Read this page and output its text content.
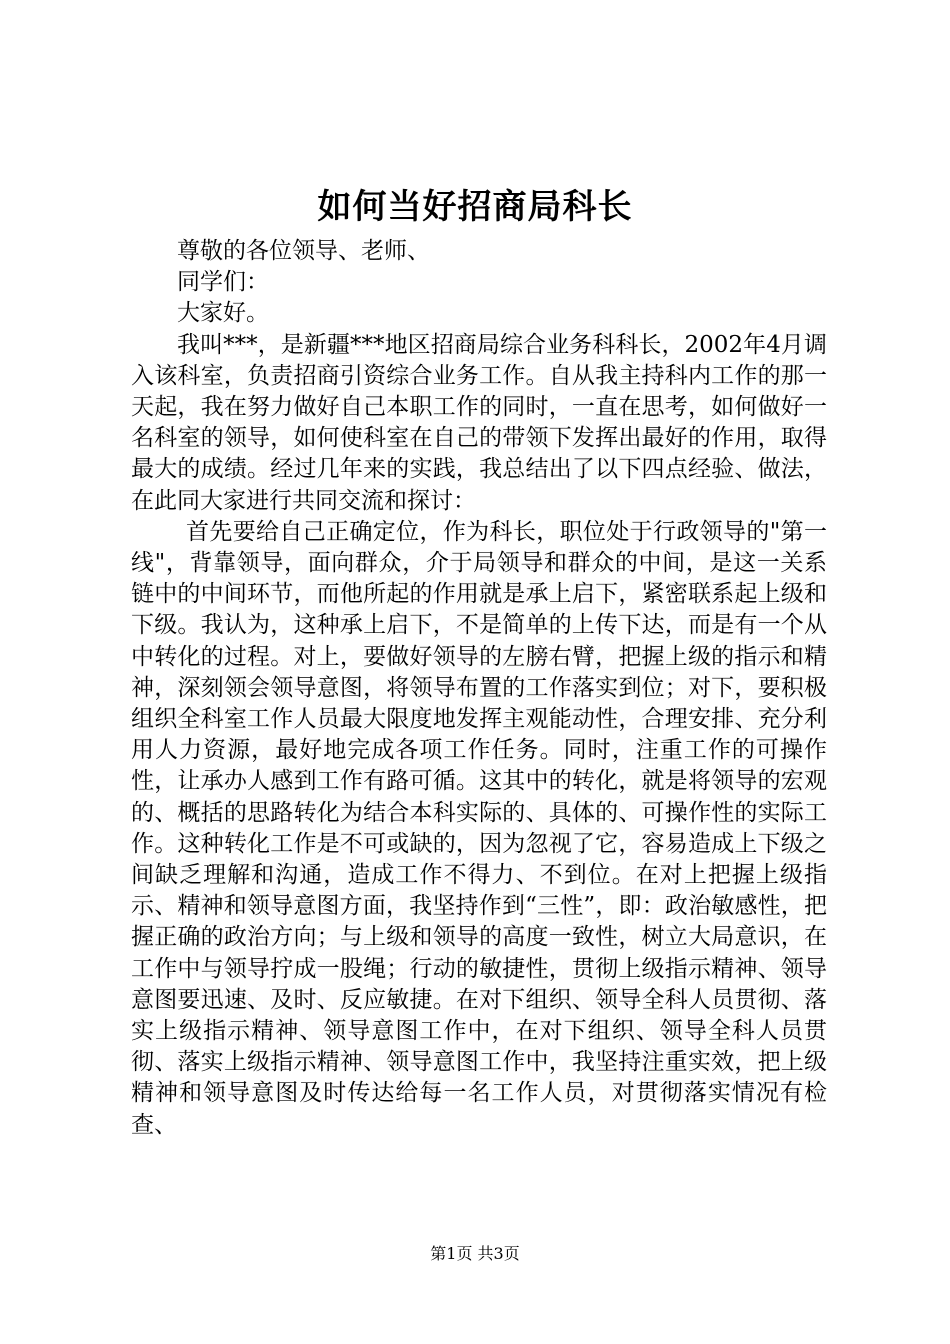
如何当好招商局科长

尊敬的各位领导、老师、

同学们：

大家好。

我叫***，是新疆***地区招商局综合业务科科长，2002年4月调入该科室，负责招商引资综合业务工作。自从我主持科内工作的那一天起，我在努力做好自己本职工作的同时，一直在思考，如何做好一名科室的领导，如何使科室在自己的带领下发挥出最好的作用，取得最大的成绩。经过几年来的实践，我总结出了以下四点经验、做法，在此同大家进行共同交流和探讨：

首先要给自己正确定位，作为科长，职位处于行政领导的"第一线"，背靠领导，面向群众，介于局领导和群众的中间，是这一关系链中的中间环节，而他所起的作用就是承上启下，紧密联系起上级和下级。我认为，这种承上启下，不是简单的上传下达，而是有一个从中转化的过程。对上，要做好领导的左膀右臂，把握上级的指示和精神，深刻领会领导意图，将领导布置的工作落实到位；对下，要积极组织全科室工作人员最大限度地发挥主观能动性，合理安排、充分利用人力资源，最好地完成各项工作任务。同时，注重工作的可操作性，让承办人感到工作有路可循。这其中的转化，就是将领导的宏观的、概括的思路转化为结合本科实际的、具体的、可操作性的实际工作。这种转化工作是不可或缺的，因为忽视了它，容易造成上下级之间缺乏理解和沟通，造成工作不得力、不到位。在对上把握上级指示、精神和领导意图方面，我坚持作到“三性”，即：政治敏感性，把握正确的政治方向；与上级和领导的高度一致性，树立大局意识，在工作中与领导拧成一股绳；行动的敏捷性，贯彻上级指示精神、领导意图要迅速、及时、反应敏捷。在对下组织、领导全科人员贯彻、落实上级指示精神、领导意图工作中，在对下组织、领导全科人员贯彻、落实上级指示精神、领导意图工作中，我坚持注重实效，把上级精神和领导意图及时传达给每一名工作人员，对贯彻落实情况有检查、

第1页 共3页
